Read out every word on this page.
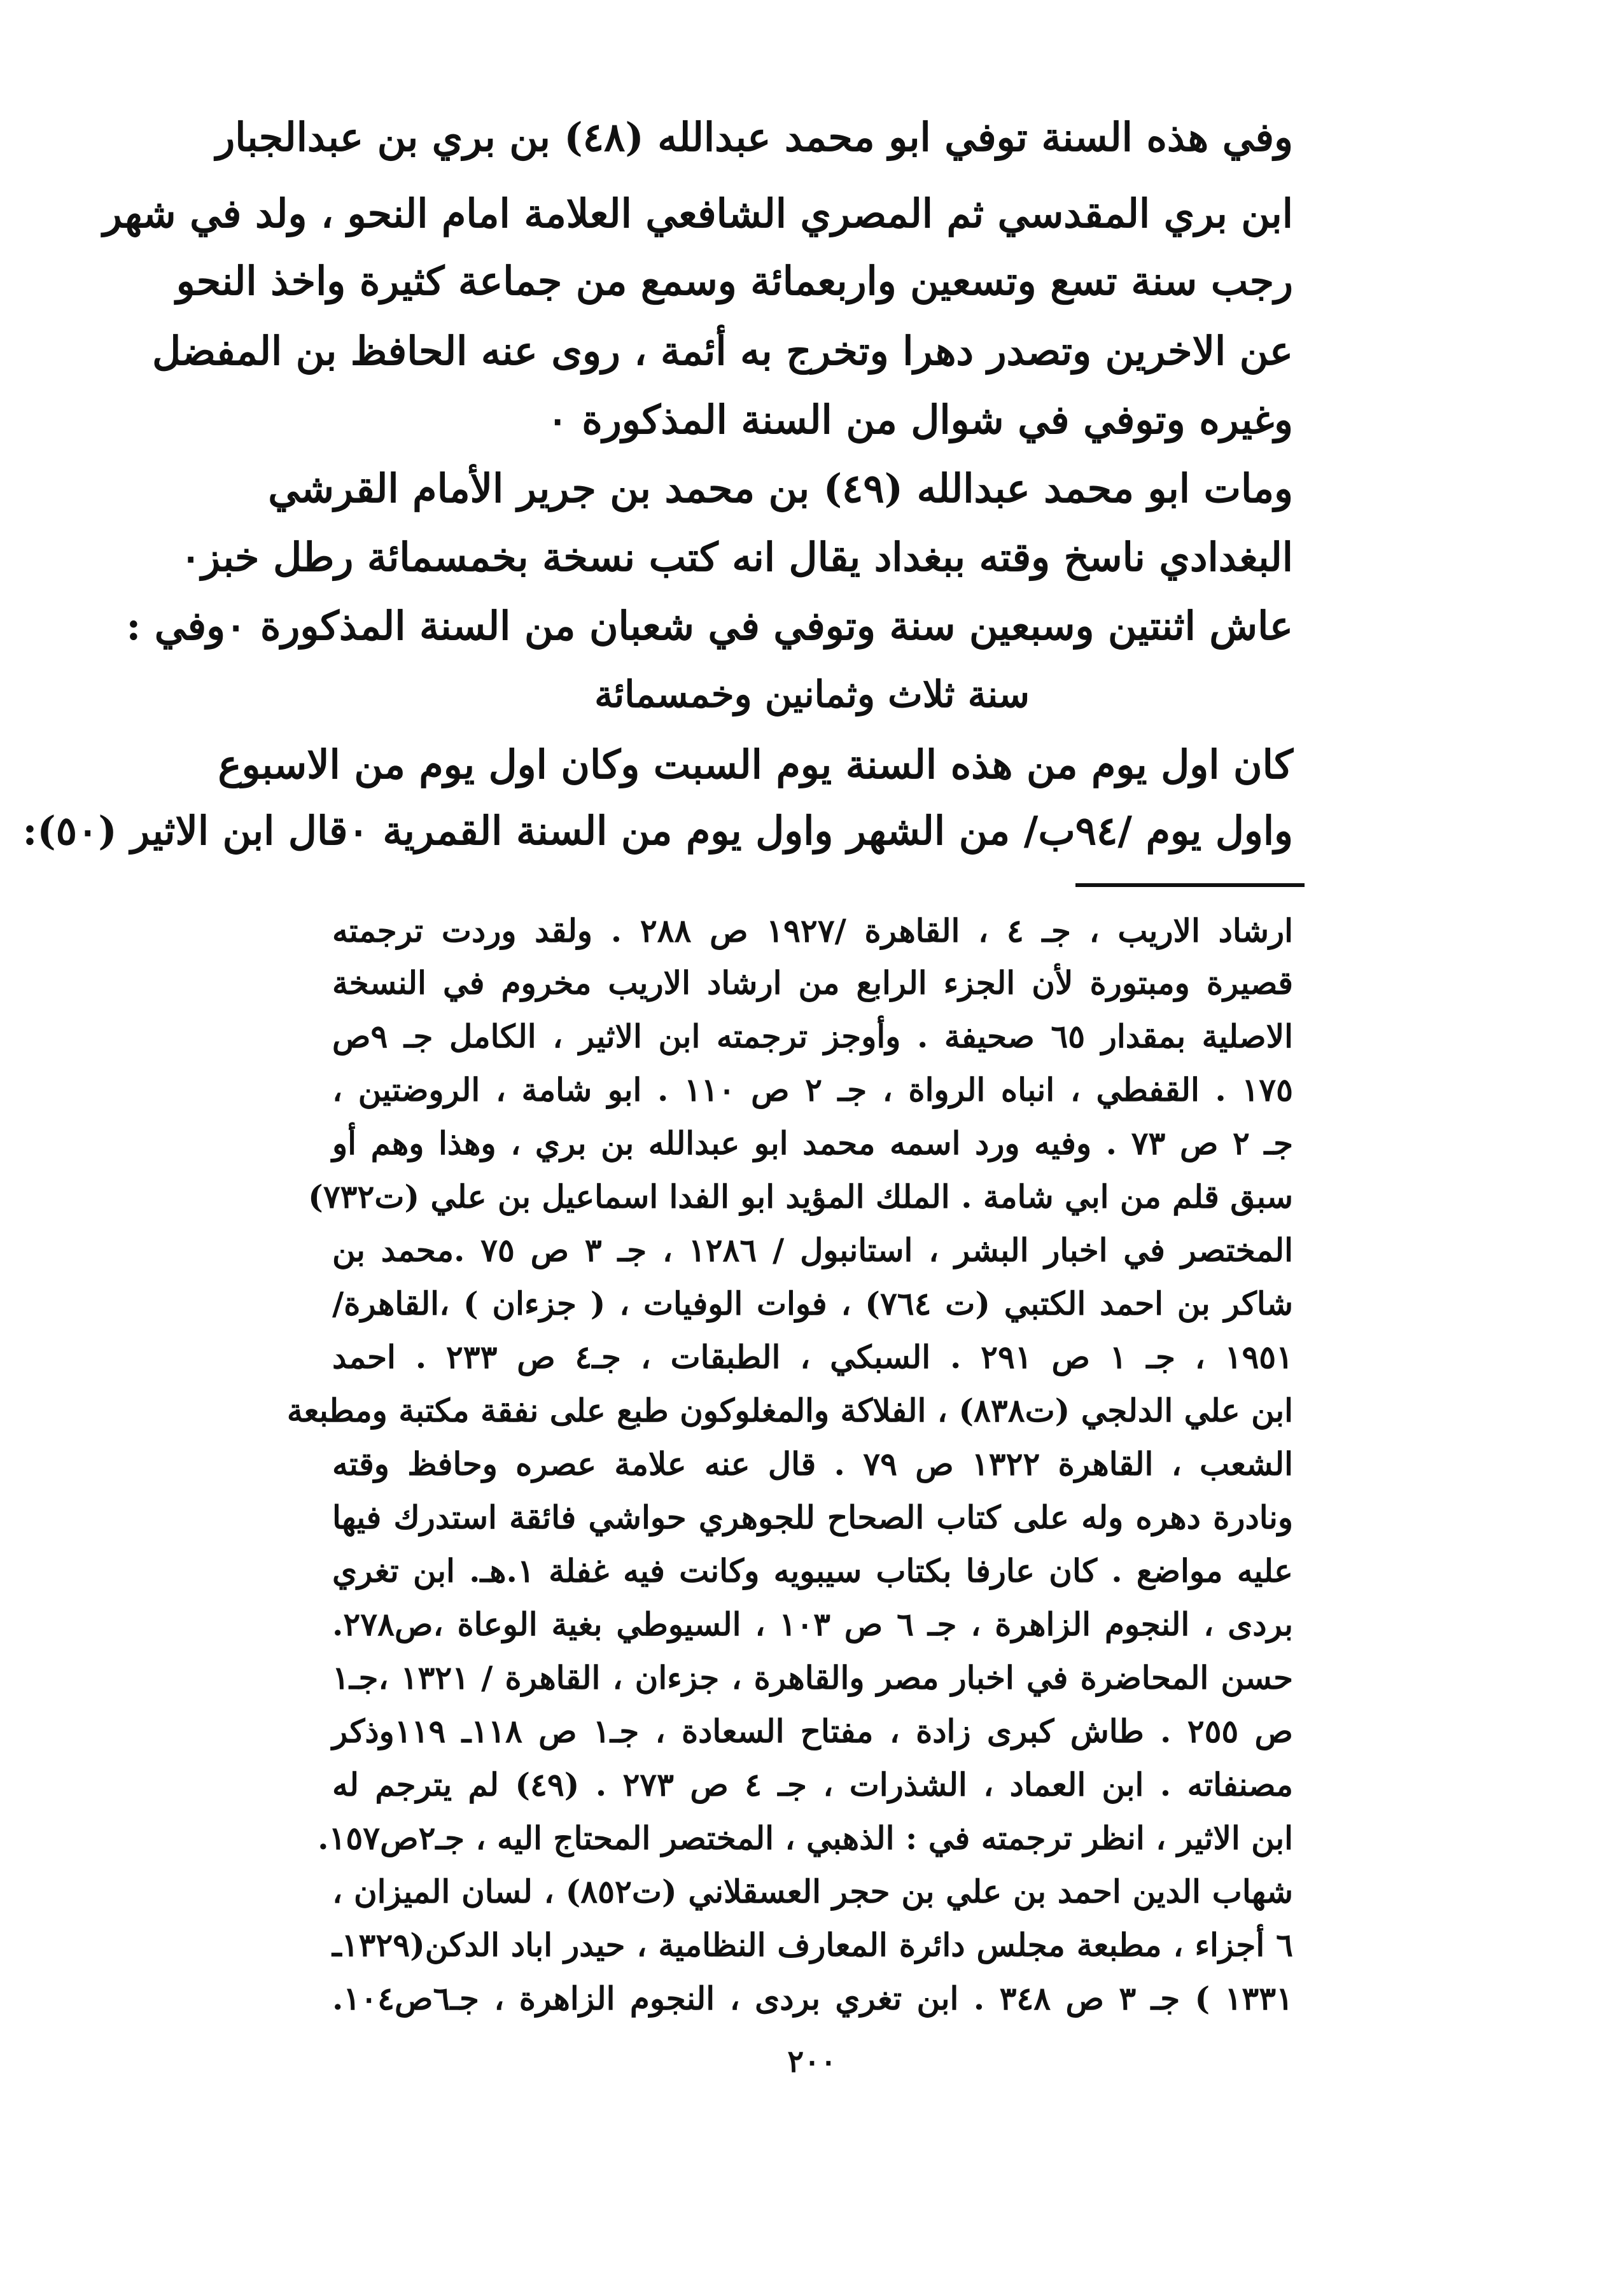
وفي هذه السنة توفي ابو محمد عبدالله (٤٨) بن بري بن عبدالجبار
ابن بري المقدسي ثم المصري الشافعي العلامة امام النحو ، ولد في شهر
رجب سنة تسع وتسعين واربعمائة وسمع من جماعة كثيرة واخذ النحو
عن الاخرين وتصدر دهرا وتخرج به أئمة ، روى عنه الحافظ بن المفضل
وغيره وتوفي في شوال من السنة المذكورة ٠
ومات ابو محمد عبدالله (٤٩) بن محمد بن جرير الأمام القرشي
البغدادي ناسخ وقته ببغداد يقال انه كتب نسخة بخمسمائة رطل خبز٠
عاش اثنتين وسبعين سنة وتوفي في شعبان من السنة المذكورة ٠وفي :
سنة ثلاث وثمانين وخمسمائة
كان اول يوم من هذه السنة يوم السبت وكان اول يوم من الاسبوع
واول يوم /٩٤ب/ من الشهر واول يوم من السنة القمرية ٠قال ابن الاثير (٥٠):
ارشاد الاريب ، جـ ٤ ، القاهرة /١٩٢٧ ص ٢٨٨ . ولقد وردت ترجمته
قصيرة ومبتورة لأن الجزء الرابع من ارشاد الاريب مخروم في النسخة
الاصلية بمقدار ٦٥ صحيفة . وأوجز ترجمته ابن الاثير ، الكامل جـ ٩ص
١٧٥ . القفطي ، انباه الرواة ، جـ ٢ ص ١١٠ . ابو شامة ، الروضتين ،
جـ ٢ ص ٧٣ . وفيه ورد اسمه محمد ابو عبدالله بن بري ، وهذا وهم أو
سبق قلم من ابي شامة . الملك المؤيد ابو الفدا اسماعيل بن علي (ت٧٣٢)
المختصر في اخبار البشر ، استانبول / ١٢٨٦ ، جـ ٣ ص ٧٥ .محمد بن
شاكر بن احمد الكتبي (ت ٧٦٤) ، فوات الوفيات ، ( جزءان ) ،القاهرة/
١٩٥١ ، جـ ١ ص ٢٩١ . السبكي ، الطبقات ، جـ٤ ص ٢٣٣ . احمد
ابن علي الدلجي (ت٨٣٨) ، الفلاكة والمغلوكون طبع على نفقة مكتبة ومطبعة
الشعب ، القاهرة ١٣٢٢ ص ٧٩ . قال عنه علامة عصره وحافظ وقته
ونادرة دهره وله على كتاب الصحاح للجوهري حواشي فائقة استدرك فيها
عليه مواضع . كان عارفا بكتاب سيبويه وكانت فيه غفلة ١.هـ. ابن تغري
بردى ، النجوم الزاهرة ، جـ ٦ ص ١٠٣ ، السيوطي بغية الوعاة ،ص٢٧٨.
حسن المحاضرة في اخبار مصر والقاهرة ، جزءان ، القاهرة / ١٣٢١ ،جـ١
ص ٢٥٥ . طاش كبرى زادة ، مفتاح السعادة ، جـ١ ص ١١٨ـ ١١٩وذكر
مصنفاته . ابن العماد ، الشذرات ، جـ ٤ ص ٢٧٣ . (٤٩) لم يترجم له
ابن الاثير ، انظر ترجمته في : الذهبي ، المختصر المحتاج اليه ، جـ٢ص١٥٧.
شهاب الدين احمد بن علي بن حجر العسقلاني (ت٨٥٢) ، لسان الميزان ،
٦ أجزاء ، مطبعة مجلس دائرة المعارف النظامية ، حيدر اباد الدكن(١٣٢٩ـ
١٣٣١ ) جـ ٣ ص ٣٤٨ . ابن تغري بردى ، النجوم الزاهرة ، جـ٦ص١٠٤.
٢٠٠
